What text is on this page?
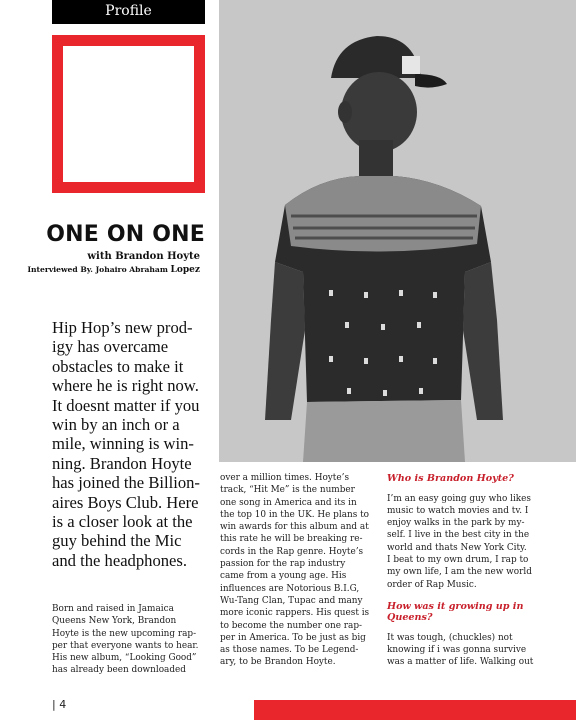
Profile
ONE ON ONE
with Brandon Hoyte
Interviewed By. Johairo Abraham Lopez
Hip Hop’s new prod-
igy has overcame
obstacles to make it
where he is right now.
It doesnt matter if you
win by an inch or a
mile, winning is win-
ning. Brandon Hoyte
has joined the Billion-
aires Boys Club. Here
is a closer look at the
guy behind the Mic
and the headphones.
Born and raised in Jamaica
Queens New York, Brandon
Hoyte is the new upcoming rap-
per that everyone wants to hear.
His new album, “Looking Good”
has already been downloaded
over a million times. Hoyte’s
track, “Hit Me” is the number
one song in America and its in
the top 10 in the UK. He plans to
win awards for this album and at
this rate he will be breaking re-
cords in the Rap genre. Hoyte’s
passion for the rap industry
came from a young age. His
influences are Notorious B.I.G,
Wu-Tang Clan, Tupac and many
more iconic rappers. His quest is
to become the number one rap-
per in America. To be just as big
as those names. To be Legend-
ary, to be Brandon Hoyte.
Who is Brandon Hoyte?
I’m an easy going guy who likes
music to watch movies and tv. I
enjoy walks in the park by my-
self. I live in the best city in the
world and thats New York City.
I beat to my own drum, I rap to
my own life, I am the new world
order of Rap Music.
How was it growing up in
Queens?
It was tough, (chuckles) not
knowing if i was gonna survive
was a matter of life. Walking out
| 4
